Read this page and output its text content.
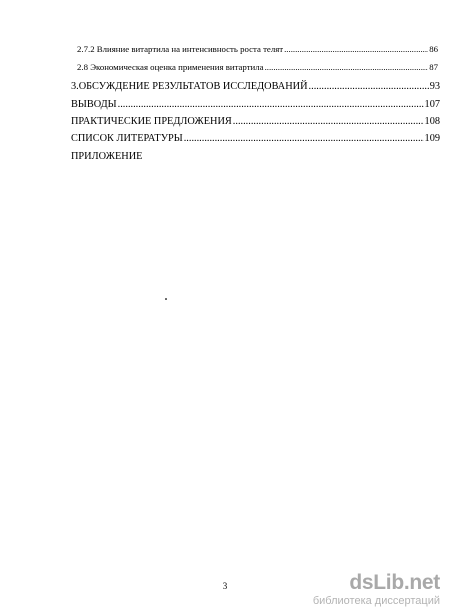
2.7.2 Влияние витартила на интенсивность роста телят .....	86
2.8 Экономическая оценка применения витартила .....	87
3.ОБСУЖДЕНИЕ РЕЗУЛЬТАТОВ ИССЛЕДОВАНИЙ .....	93
ВЫВОДЫ .....	107
ПРАКТИЧЕСКИЕ ПРЕДЛОЖЕНИЯ .....	108
СПИСОК ЛИТЕРАТУРЫ .....	109
ПРИЛОЖЕНИЕ
3	dsLib.net
библиотека диссертаций
